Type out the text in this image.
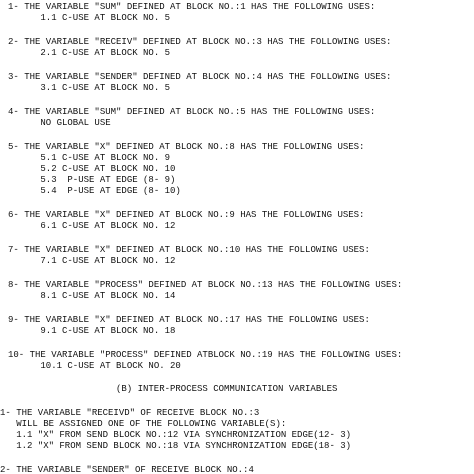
1- THE VARIABLE "SUM" DEFINED AT BLOCK NO.:1 HAS THE FOLLOWING USES:
1.1 C-USE AT BLOCK NO. 5
2- THE VARIABLE "RECEIV" DEFINED AT BLOCK NO.:3 HAS THE FOLLOWING USES:
2.1 C-USE AT BLOCK NO. 5
3- THE VARIABLE "SENDER" DEFINED AT BLOCK NO.:4 HAS THE FOLLOWING USES:
3.1 C-USE AT BLOCK NO. 5
4- THE VARIABLE "SUM" DEFINED AT BLOCK NO.:5 HAS THE FOLLOWING USES:
NO GLOBAL USE
5- THE VARIABLE "X" DEFINED AT BLOCK NO.:8 HAS THE FOLLOWING USES:
5.1 C-USE AT BLOCK NO. 9
5.2 C-USE AT BLOCK NO. 10
5.3  P-USE AT EDGE (8- 9)
5.4  P-USE AT EDGE (8- 10)
6- THE VARIABLE "X" DEFINED AT BLOCK NO.:9 HAS THE FOLLOWING USES:
6.1 C-USE AT BLOCK NO. 12
7- THE VARIABLE "X" DEFINED AT BLOCK NO.:10 HAS THE FOLLOWING USES:
7.1 C-USE AT BLOCK NO. 12
8- THE VARIABLE "PROCESS" DEFINED AT BLOCK NO.:13 HAS THE FOLLOWING USES:
8.1 C-USE AT BLOCK NO. 14
9- THE VARIABLE "X" DEFINED AT BLOCK NO.:17 HAS THE FOLLOWING USES:
9.1 C-USE AT BLOCK NO. 18
10- THE VARIABLE "PROCESS" DEFINED ATBLOCK NO.:19 HAS THE FOLLOWING USES:
10.1 C-USE AT BLOCK NO. 20
(B) INTER-PROCESS COMMUNICATION VARIABLES
1- THE VARIABLE "RECEIVD" OF RECEIVE BLOCK NO.:3
WILL BE ASSIGNED ONE OF THE FOLLOWING VARIABLE(S):
1.1 "X" FROM SEND BLOCK NO.:12 VIA SYNCHRONIZATION EDGE(12- 3)
1.2 "X" FROM SEND BLOCK NO.:18 VIA SYNCHRONIZATION EDGE(18- 3)
2- THE VARIABLE "SENDER" OF RECEIVE BLOCK NO.:4
